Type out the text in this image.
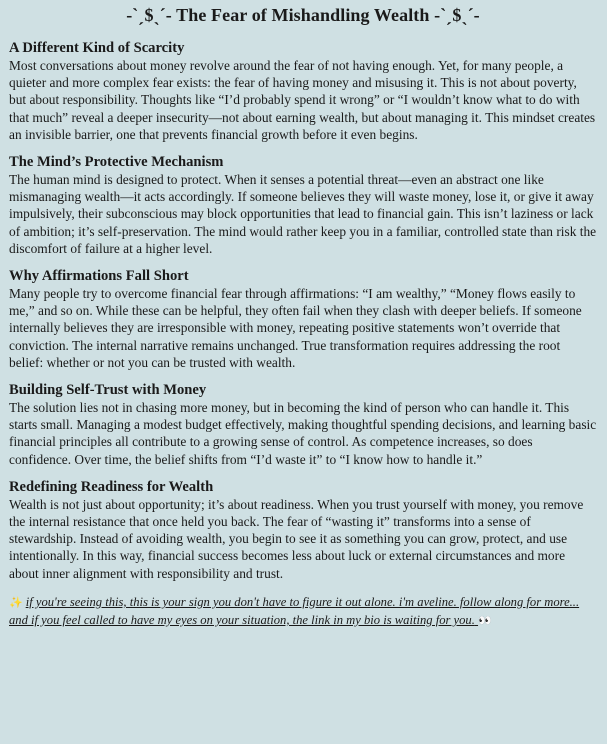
-ˋˏ$ˎˊ- The Fear of Mishandling Wealth -ˋˏ$ˎˊ-
A Different Kind of Scarcity
Most conversations about money revolve around the fear of not having enough. Yet, for many people, a quieter and more complex fear exists: the fear of having money and misusing it. This is not about poverty, but about responsibility. Thoughts like “I’d probably spend it wrong” or “I wouldn’t know what to do with that much” reveal a deeper insecurity—not about earning wealth, but about managing it. This mindset creates an invisible barrier, one that prevents financial growth before it even begins.
The Mind’s Protective Mechanism
The human mind is designed to protect. When it senses a potential threat—even an abstract one like mismanaging wealth—it acts accordingly. If someone believes they will waste money, lose it, or give it away impulsively, their subconscious may block opportunities that lead to financial gain. This isn’t laziness or lack of ambition; it’s self-preservation. The mind would rather keep you in a familiar, controlled state than risk the discomfort of failure at a higher level.
Why Affirmations Fall Short
Many people try to overcome financial fear through affirmations: “I am wealthy,” “Money flows easily to me,” and so on. While these can be helpful, they often fail when they clash with deeper beliefs. If someone internally believes they are irresponsible with money, repeating positive statements won’t override that conviction. The internal narrative remains unchanged. True transformation requires addressing the root belief: whether or not you can be trusted with wealth.
Building Self-Trust with Money
The solution lies not in chasing more money, but in becoming the kind of person who can handle it. This starts small. Managing a modest budget effectively, making thoughtful spending decisions, and learning basic financial principles all contribute to a growing sense of control. As competence increases, so does confidence. Over time, the belief shifts from “I’d waste it” to “I know how to handle it.”
Redefining Readiness for Wealth
Wealth is not just about opportunity; it’s about readiness. When you trust yourself with money, you remove the internal resistance that once held you back. The fear of “wasting it” transforms into a sense of stewardship. Instead of avoiding wealth, you begin to see it as something you can grow, protect, and use intentionally. In this way, financial success becomes less about luck or external circumstances and more about inner alignment with responsibility and trust.
✨ if you're seeing this, this is your sign you don't have to figure it out alone. i'm aveline. follow along for more... and if you feel called to have my eyes on your situation, the link in my bio is waiting for you. 👀
